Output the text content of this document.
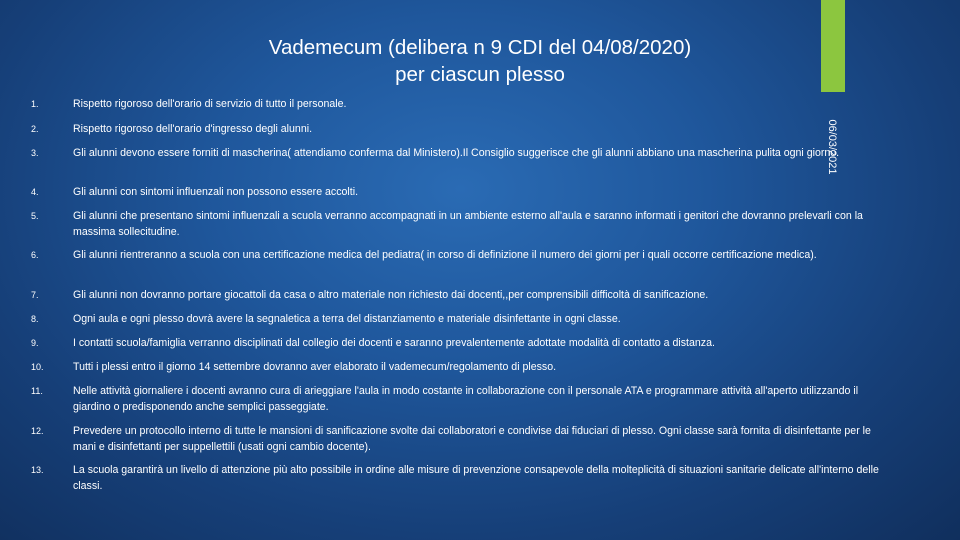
Vademecum (delibera n 9 CDI del 04/08/2020)
per ciascun plesso
06/03/2021
1.	Rispetto rigoroso dell'orario di servizio di tutto il personale.
2.	Rispetto rigoroso dell'orario d'ingresso degli alunni.
3.	Gli alunni devono essere forniti di mascherina( attendiamo conferma dal Ministero).Il Consiglio suggerisce che gli alunni abbiano una mascherina pulita ogni giorno.
4.	Gli alunni con sintomi influenzali non possono essere accolti.
5.	Gli alunni che presentano sintomi influenzali a scuola verranno accompagnati in un ambiente esterno all'aula e saranno informati i genitori che dovranno prelevarli con la massima sollecitudine.
6.	Gli alunni rientreranno a scuola con una certificazione medica del pediatra( in corso di definizione il numero dei giorni per i quali occorre certificazione medica).
7.	Gli alunni non dovranno portare giocattoli da casa o altro materiale non richiesto dai docenti,,per comprensibili difficoltà di sanificazione.
8.	Ogni aula e ogni plesso dovrà avere la segnaletica a terra del distanziamento e materiale disinfettante in ogni classe.
9.	I contatti scuola/famiglia verranno disciplinati dal collegio dei docenti e saranno prevalentemente adottate modalità di contatto a distanza.
10.	Tutti i plessi entro il giorno 14 settembre dovranno aver elaborato il vademecum/regolamento di plesso.
11.	Nelle attività giornaliere i docenti avranno cura di arieggiare l'aula in modo costante in collaborazione con il personale ATA e programmare attività all'aperto utilizzando il giardino o predisponendo anche semplici passeggiate.
12.	Prevedere un protocollo interno di tutte le mansioni di sanificazione svolte dai collaboratori e condivise dai fiduciari di plesso. Ogni classe sarà fornita di disinfettante per le mani e disinfettanti per suppellettili (usati ogni cambio docente).
13.	La scuola garantirà un livello di attenzione più alto possibile in ordine alle misure di prevenzione consapevole della molteplicità di situazioni sanitarie delicate all'interno delle classi.
